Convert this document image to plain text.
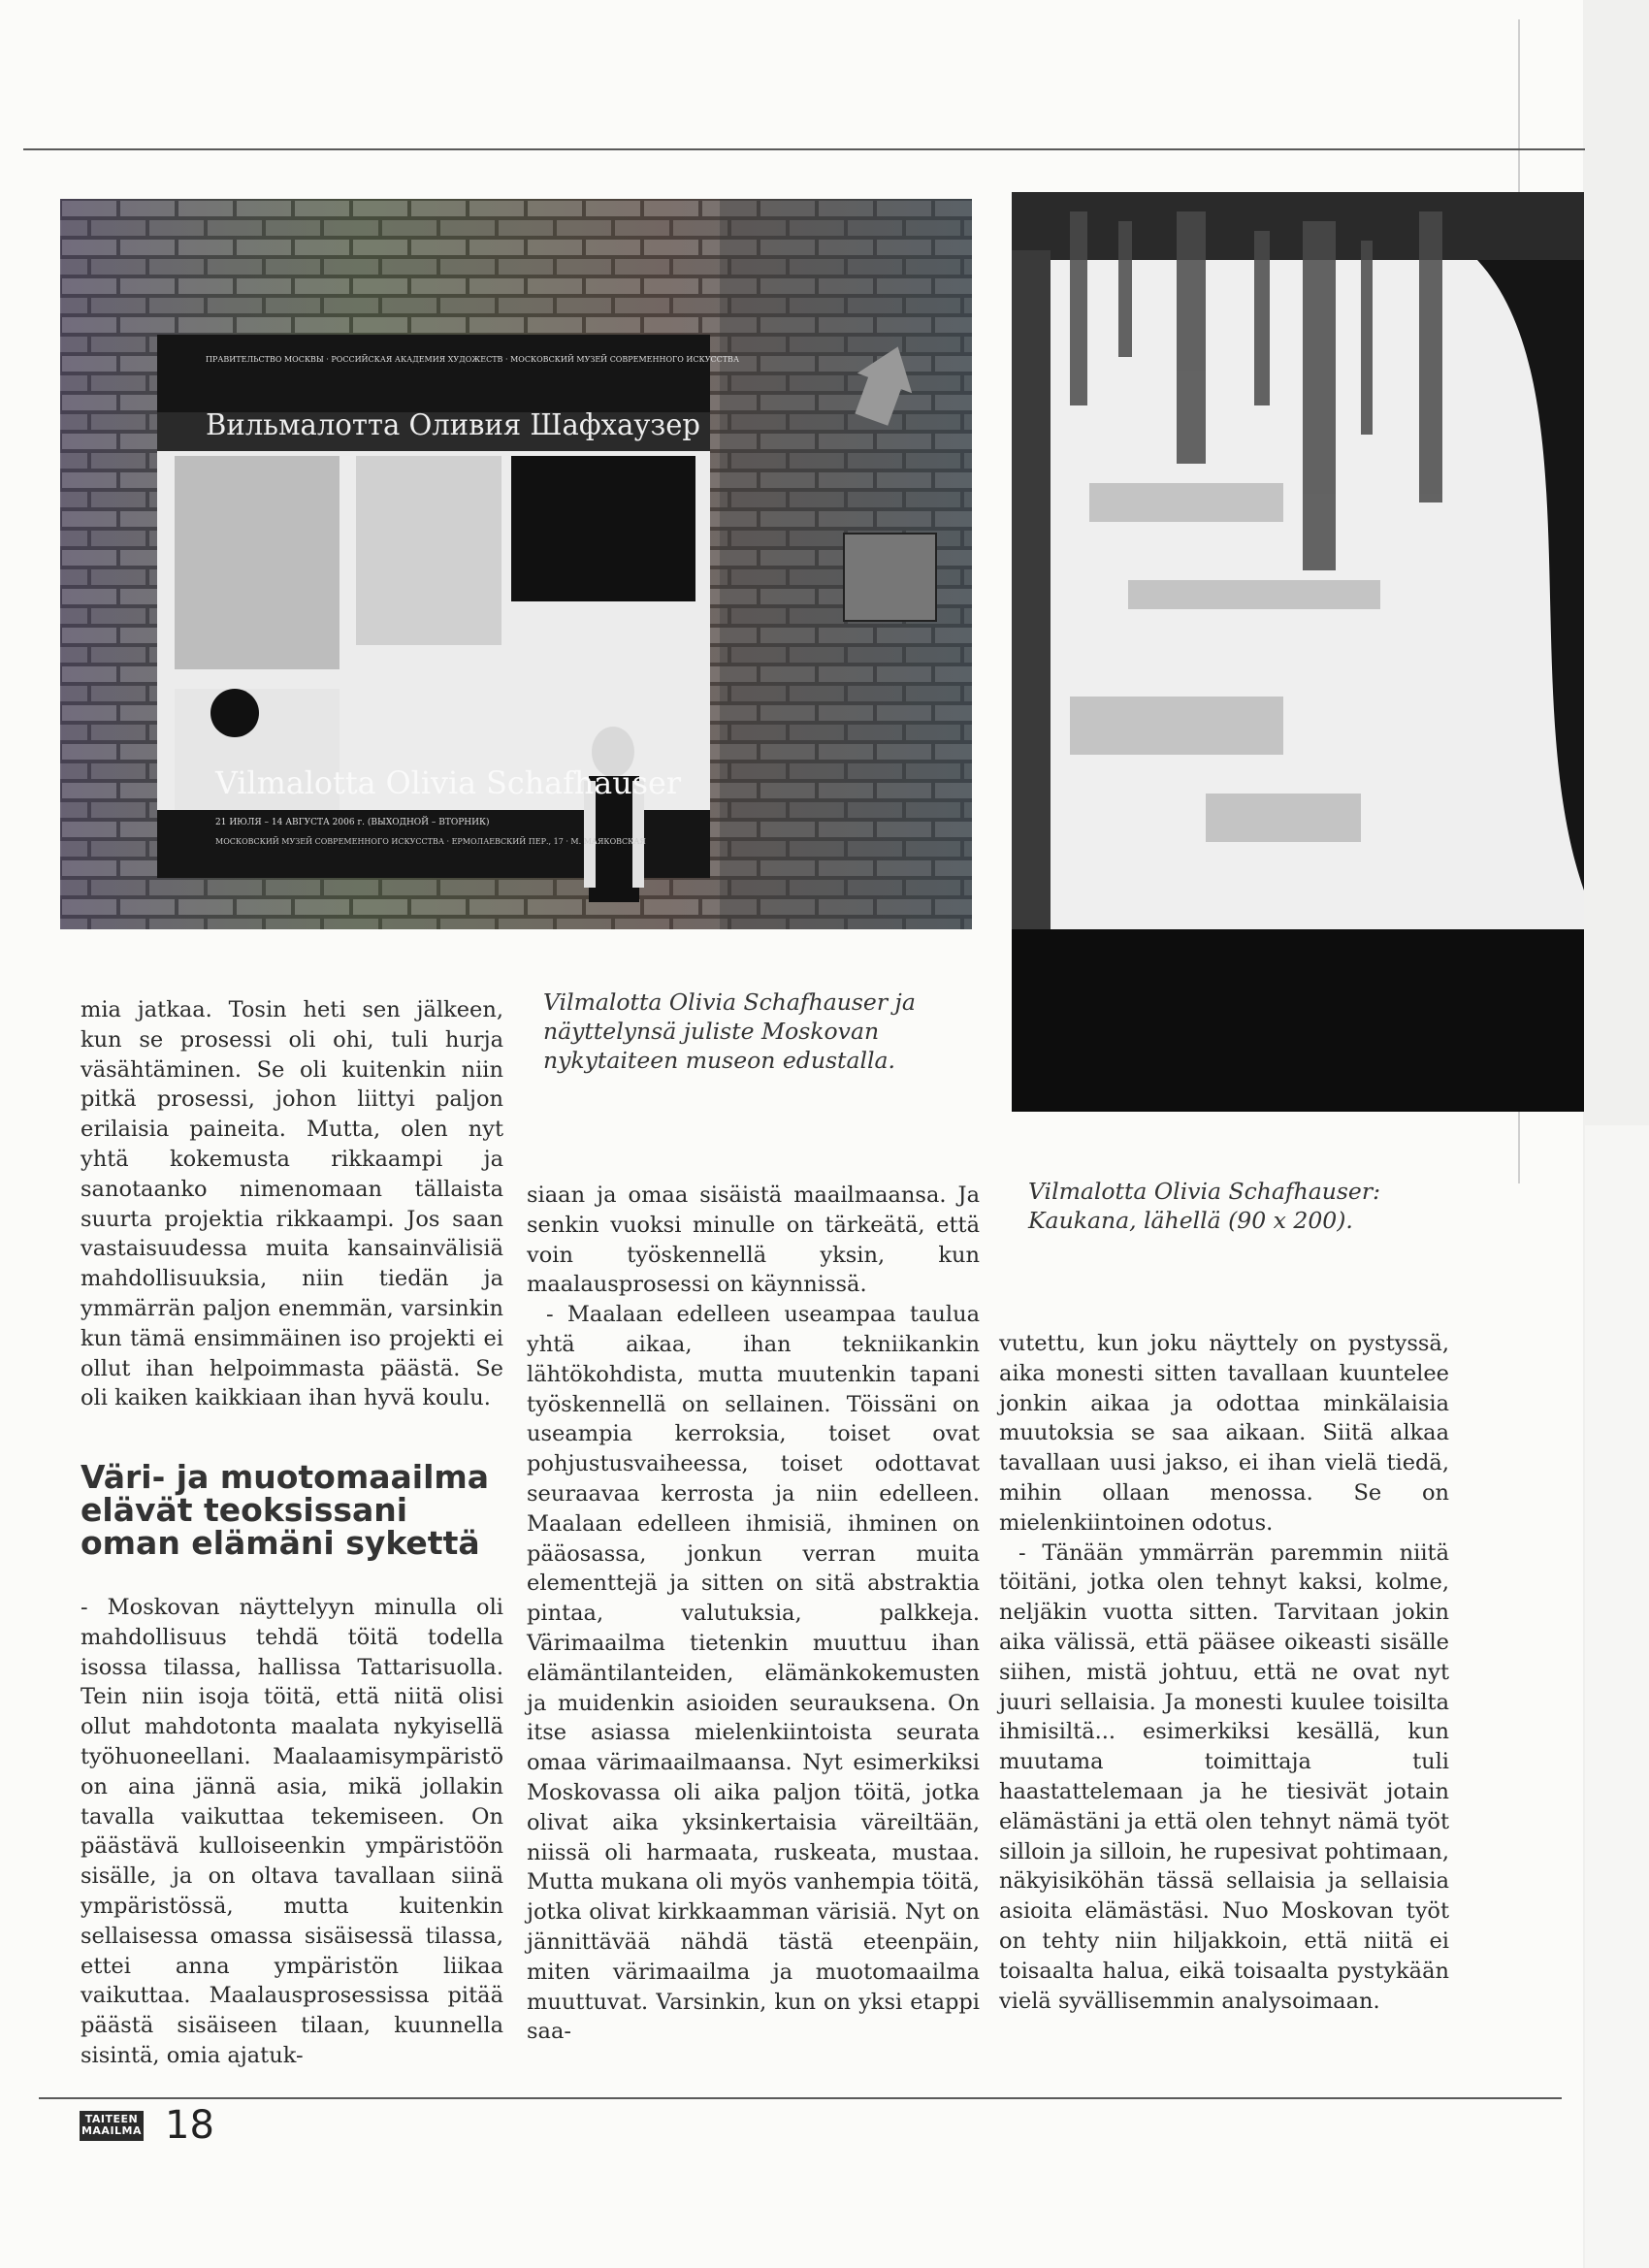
ПРАВИТЕЛЬСТВО МОСКВЫ · РОССИЙСКАЯ АКАДЕМИЯ ХУДОЖЕСТВ · МОСКОВСКИЙ МУЗЕЙ СОВРЕМЕННОГО ИСКУССТВА
Вильмалотта Оливия Шафхаузер
Vilmalotta Olivia Schafhauser
21 ИЮЛЯ – 14 АВГУСТА 2006 г. (ВЫХОДНОЙ – ВТОРНИК)
МОСКОВСКИЙ МУЗЕЙ СОВРЕМЕННОГО ИСКУССТВА · ЕРМОЛАЕВСКИЙ ПЕР., 17 · М. МАЯКОВСКАЯ
Vilmalotta Olivia Schafhauser ja näyttelynsä juliste Moskovan nykytaiteen museon edustalla.
Vilmalotta Olivia Schafhauser: Kaukana, lähellä (90 x 200).

mia jatkaa. Tosin heti sen jälkeen, kun se prosessi oli ohi, tuli hurja väsähtäminen. Se oli kuitenkin niin pitkä prosessi, johon liittyi paljon erilaisia paineita. Mutta, olen nyt yhtä kokemusta rikkaampi ja sanotaanko nimenomaan tällaista suurta projektia rikkaampi. Jos saan vastaisuudessa muita kansainvälisiä mahdollisuuksia, niin tiedän ja ymmärrän paljon enemmän, varsinkin kun tämä ensimmäinen iso projekti ei ollut ihan helpoimmasta päästä. Se oli kaiken kaikkiaan ihan hyvä koulu.

Väri- ja muotomaailma elävät teoksissani oman elämäni sykettä

- Moskovan näyttelyyn minulla oli mahdollisuus tehdä töitä todella isossa tilassa, hallissa Tattarisuolla. Tein niin isoja töitä, että niitä olisi ollut mahdotonta maalata nykyisellä työhuoneellani. Maalaamisympäristö on aina jännä asia, mikä jollakin tavalla vaikuttaa tekemiseen. On päästävä kulloiseenkin ympäristöön sisälle, ja on oltava tavallaan siinä ympäristössä, mutta kuitenkin sellaisessa omassa sisäisessä tilassa, ettei anna ympäristön liikaa vaikuttaa. Maalausprosessissa pitää päästä sisäiseen tilaan, kuunnella sisintä, omia ajatuk-

siaan ja omaa sisäistä maailmaansa. Ja senkin vuoksi minulle on tärkeätä, että voin työskennellä yksin, kun maalausprosessi on käynnissä.

- Maalaan edelleen useampaa taulua yhtä aikaa, ihan tekniikankin lähtökohdista, mutta muutenkin tapani työskennellä on sellainen. Töissäni on useampia kerroksia, toiset ovat pohjustusvaiheessa, toiset odottavat seuraavaa kerrosta ja niin edelleen. Maalaan edelleen ihmisiä, ihminen on pääosassa, jonkun verran muita elementtejä ja sitten on sitä abstraktia pintaa, valutuksia, palkkeja. Värimaailma tietenkin muuttuu ihan elämäntilanteiden, elämänkokemusten ja muidenkin asioiden seurauksena. On itse asiassa mielenkiintoista seurata omaa värimaailmaansa. Nyt esimerkiksi Moskovassa oli aika paljon töitä, jotka olivat aika yksinkertaisia väreiltään, niissä oli harmaata, ruskeata, mustaa. Mutta mukana oli myös vanhempia töitä, jotka olivat kirkkaamman värisiä. Nyt on jännittävää nähdä tästä eteenpäin, miten värimaailma ja muotomaailma muuttuvat. Varsinkin, kun on yksi etappi saa-

vutettu, kun joku näyttely on pystyssä, aika monesti sitten tavallaan kuuntelee jonkin aikaa ja odottaa minkälaisia muutoksia se saa aikaan. Siitä alkaa tavallaan uusi jakso, ei ihan vielä tiedä, mihin ollaan menossa. Se on mielenkiintoinen odotus.

- Tänään ymmärrän paremmin niitä töitäni, jotka olen tehnyt kaksi, kolme, neljäkin vuotta sitten. Tarvitaan jokin aika välissä, että pääsee oikeasti sisälle siihen, mistä johtuu, että ne ovat nyt juuri sellaisia. Ja monesti kuulee toisilta ihmisiltä... esimerkiksi kesällä, kun muutama toimittaja tuli haastattelemaan ja he tiesivät jotain elämästäni ja että olen tehnyt nämä työt silloin ja silloin, he rupesivat pohtimaan, näkyisiköhän tässä sellaisia ja sellaisia asioita elämästäsi. Nuo Moskovan työt on tehty niin hiljakkoin, että niitä ei toisaalta halua, eikä toisaalta pystykään vielä syvällisemmin analysoimaan.

TAITEEN
MAAILMA 18
